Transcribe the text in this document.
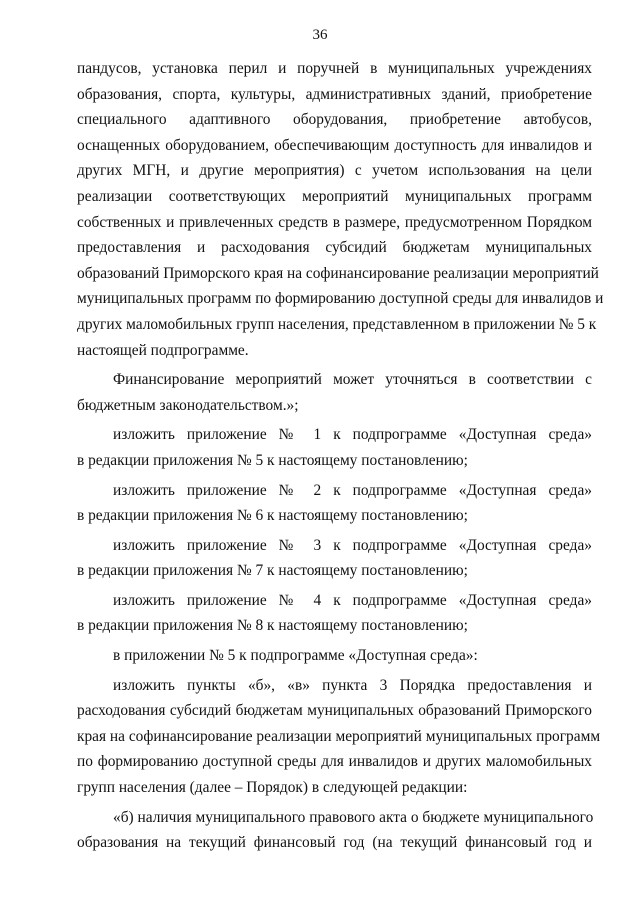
36
пандусов, установка перил и поручней в муниципальных учреждениях
образования, спорта, культуры, административных зданий, приобретение
специального адаптивного оборудования, приобретение автобусов,
оснащенных оборудованием, обеспечивающим доступность для инвалидов и
других МГН, и другие мероприятия) с учетом использования на цели
реализации соответствующих мероприятий муниципальных программ
собственных и привлеченных средств в размере, предусмотренном Порядком
предоставления и расходования субсидий бюджетам муниципальных
образований Приморского края на софинансирование реализации мероприятий
муниципальных программ по формированию доступной среды для инвалидов и
других маломобильных групп населения, представленном в приложении № 5 к
настоящей подпрограмме.
Финансирование мероприятий может уточняться в соответствии с
бюджетным законодательством.»;
изложить приложение № 1 к подпрограмме «Доступная среда»
в редакции приложения № 5 к настоящему постановлению;
изложить приложение № 2 к подпрограмме «Доступная среда»
в редакции приложения № 6 к настоящему постановлению;
изложить приложение № 3 к подпрограмме «Доступная среда»
в редакции приложения № 7 к настоящему постановлению;
изложить приложение № 4 к подпрограмме «Доступная среда»
в редакции приложения № 8 к настоящему постановлению;
в приложении № 5 к подпрограмме «Доступная среда»:
изложить пункты «б», «в» пункта 3 Порядка предоставления и
расходования субсидий бюджетам муниципальных образований Приморского
края на софинансирование реализации мероприятий муниципальных программ
по формированию доступной среды для инвалидов и других маломобильных
групп населения (далее – Порядок) в следующей редакции:
«б) наличия муниципального правового акта о бюджете муниципального
образования на текущий финансовый год (на текущий финансовый год и
